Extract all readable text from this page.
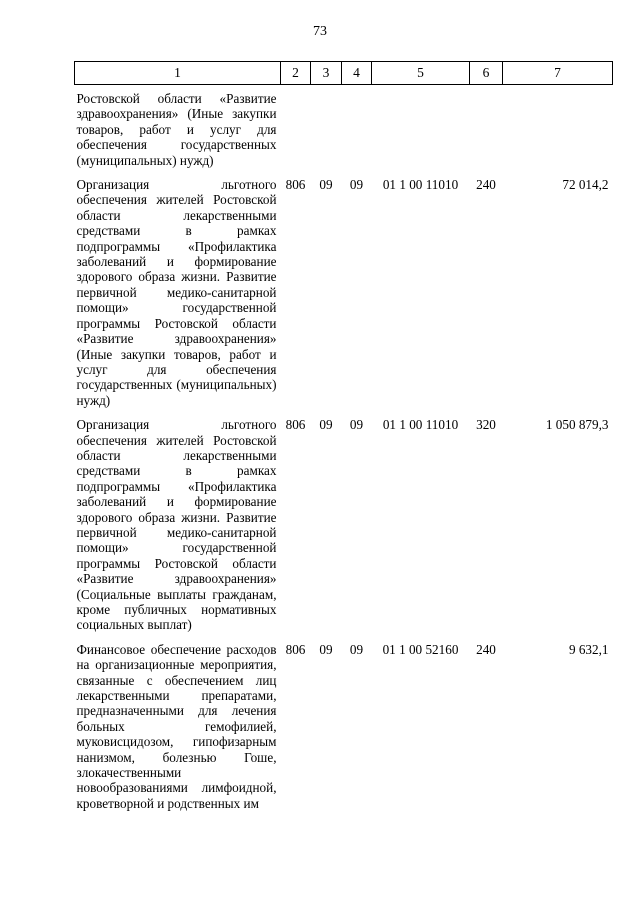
73
1	2	3	4	5	6	7
Ростовской области «Развитие здравоохранения» (Иные закупки товаров, работ и услуг для обеспечения государственных (муниципальных) нужд)						
Организация льготного обеспечения жителей Ростовской области лекарственными средствами в рамках подпрограммы «Профилактика заболеваний и формирование здорового образа жизни. Развитие первичной медико-санитарной помощи» государственной программы Ростовской области «Развитие здравоохранения» (Иные закупки товаров, работ и услуг для обеспечения государственных (муниципальных) нужд)	806	09	09	01 1 00 11010	240	72 014,2
Организация льготного обеспечения жителей Ростовской области лекарственными средствами в рамках подпрограммы «Профилактика заболеваний и формирование здорового образа жизни. Развитие первичной медико-санитарной помощи» государственной программы Ростовской области «Развитие здравоохранения» (Социальные выплаты гражданам, кроме публичных нормативных социальных выплат)	806	09	09	01 1 00 11010	320	1 050 879,3
Финансовое обеспечение расходов на организационные мероприятия, связанные с обеспечением лиц лекарственными препаратами, предназначенными для лечения больных гемофилией, муковисцидозом, гипофизарным нанизмом, болезнью Гоше, злокачественными новообразованиями лимфоидной, кроветворной и родственных им	806	09	09	01 1 00 52160	240	9 632,1
